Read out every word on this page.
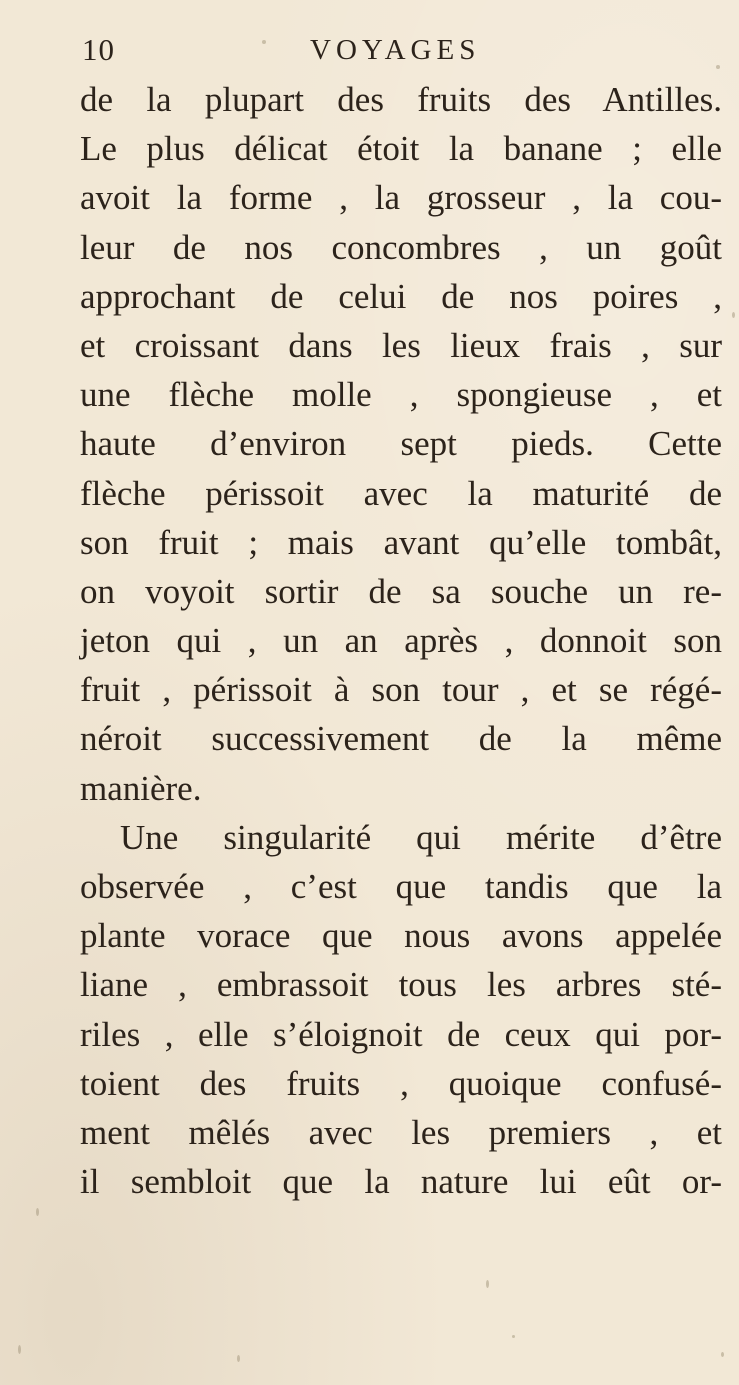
10	VOYAGES
de la plupart des fruits des Antilles.
Le plus délicat étoit la banane ; elle
avoit la forme , la grosseur , la cou-
leur de nos concombres , un goût
approchant de celui de nos poires ,
et croissant dans les lieux frais , sur
une flèche molle , spongieuse , et
haute d’environ sept pieds. Cette
flèche périssoit avec la maturité de
son fruit ; mais avant qu’elle tombât,
on voyoit sortir de sa souche un re-
jeton qui , un an après , donnoit son
fruit , périssoit à son tour , et se régé-
néroit successivement de la même
manière.
Une singularité qui mérite d’être
observée , c’est que tandis que la
plante vorace que nous avons appelée
liane , embrassoit tous les arbres sté-
riles , elle s’éloignoit de ceux qui por-
toient des fruits , quoique confusé-
ment mêlés avec les premiers , et
il sembloit que la nature lui eût or-
